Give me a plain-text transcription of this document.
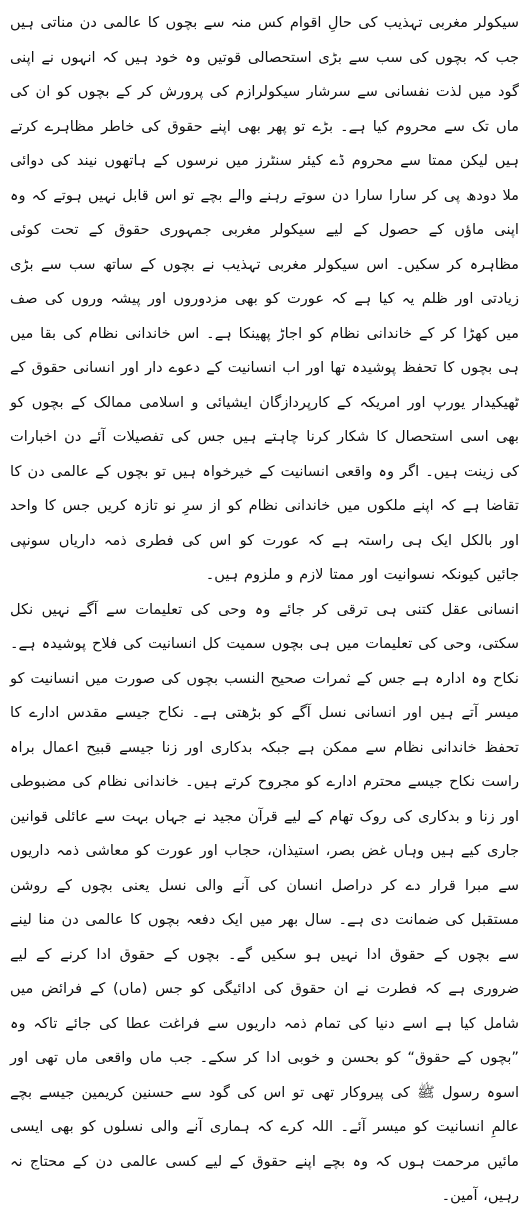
سیکولر مغربی تہذیب کی حالِ اقوام کس منہ سے بچوں کا عالمی دن مناتی ہیں جب کہ بچوں کی سب سے بڑی استحصالی قوتیں وہ خود ہیں کہ انہوں نے اپنی گود میں لذت نفسانی سے سرشار سیکولرازم کی پرورش کر کے بچوں کو ان کی ماں تک سے محروم کیا ہے۔ بڑے تو پھر بھی اپنے حقوق کی خاطر مظاہرے کرتے ہیں لیکن ممتا سے محروم ڈے کیئر سنٹرز میں نرسوں کے ہاتھوں نیند کی دوائی ملا دودھ پی کر سارا سارا دن سوتے رہنے والے بچے تو اس قابل نہیں ہوتے کہ وہ اپنی ماؤں کے حصول کے لیے سیکولر مغربی جمہوری حقوق کے تحت کوئی مظاہرہ کر سکیں۔ اس سیکولر مغربی تہذیب نے بچوں کے ساتھ سب سے بڑی زیادتی اور ظلم یہ کیا ہے کہ عورت کو بھی مزدوروں اور پیشہ وروں کی صف میں کھڑا کر کے خاندانی نظام کو اجاڑ پھینکا ہے۔ اس خاندانی نظام کی بقا میں ہی بچوں کا تحفظ پوشیدہ تھا اور اب انسانیت کے دعوے دار اور انسانی حقوق کے ٹھیکیدار یورپ اور امریکہ کے کارپردازگان ایشیائی و اسلامی ممالک کے بچوں کو بھی اسی استحصال کا شکار کرنا چاہتے ہیں جس کی تفصیلات آئے دن اخبارات کی زینت ہیں۔ اگر وہ واقعی انسانیت کے خیرخواہ ہیں تو بچوں کے عالمی دن کا تقاضا ہے کہ اپنے ملکوں میں خاندانی نظام کو از سرِ نو تازہ کریں جس کا واحد اور بالکل ایک ہی راستہ ہے کہ عورت کو اس کی فطری ذمہ داریاں سونپی جائیں کیونکہ نسوانیت اور ممتا لازم و ملزوم ہیں۔

انسانی عقل کتنی ہی ترقی کر جائے وہ وحی کی تعلیمات سے آگے نہیں نکل سکتی، وحی کی تعلیمات میں ہی بچوں سمیت کل انسانیت کی فلاح پوشیدہ ہے۔ نکاح وہ ادارہ ہے جس کے ثمرات صحیح النسب بچوں کی صورت میں انسانیت کو میسر آتے ہیں اور انسانی نسل آگے کو بڑھتی ہے۔ نکاح جیسے مقدس ادارے کا تحفظ خاندانی نظام سے ممکن ہے جبکہ بدکاری اور زنا جیسے قبیح اعمال براہ راست نکاح جیسے محترم ادارے کو مجروح کرتے ہیں۔ خاندانی نظام کی مضبوطی اور زنا و بدکاری کی روک تھام کے لیے قرآن مجید نے جہاں بہت سے عائلی قوانین جاری کیے ہیں وہاں غض بصر، استیذان، حجاب اور عورت کو معاشی ذمہ داریوں سے مبرا قرار دے کر دراصل انسان کی آنے والی نسل یعنی بچوں کے روشن مستقبل کی ضمانت دی ہے۔ سال بھر میں ایک دفعہ بچوں کا عالمی دن منا لینے سے بچوں کے حقوق ادا نہیں ہو سکیں گے۔ بچوں کے حقوق ادا کرنے کے لیے ضروری ہے کہ فطرت نے ان حقوق کی ادائیگی کو جس (ماں) کے فرائض میں شامل کیا ہے اسے دنیا کی تمام ذمہ داریوں سے فراغت عطا کی جائے تاکہ وہ ”بچوں کے حقوق“ کو بحسن و خوبی ادا کر سکے۔ جب ماں واقعی ماں تھی اور اسوہ رسول ﷺ کی پیروکار تھی تو اس کی گود سے حسنین کریمین جیسے بچے عالمِ انسانیت کو میسر آئے۔ اللہ کرے کہ ہماری آنے والی نسلوں کو بھی ایسی مائیں مرحمت ہوں کہ وہ بچے اپنے حقوق کے لیے کسی عالمی دن کے محتاج نہ رہیں، آمین۔
